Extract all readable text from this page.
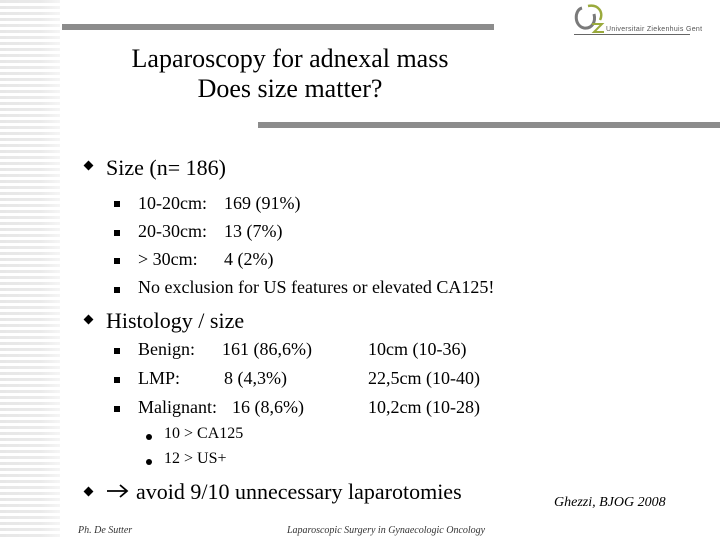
Universitair Ziekenhuis Gent
Laparoscopy for adnexal mass
Does size matter?
Size (n= 186)
10-20cm: 169 (91%)
20-30cm: 13 (7%)
> 30cm: 4 (2%)
No exclusion for US features or elevated CA125!
Histology / size
Benign: 161 (86,6%)	10cm (10-36)
LMP: 8 (4,3%)	22,5cm (10-40)
Malignant: 16 (8,6%)	10,2cm (10-28)
10 > CA125
12 > US+
avoid 9/10 unnecessary laparotomies	Ghezzi, BJOG 2008
Ph. De Sutter	Laparoscopic Surgery in Gynaecologic Oncology
